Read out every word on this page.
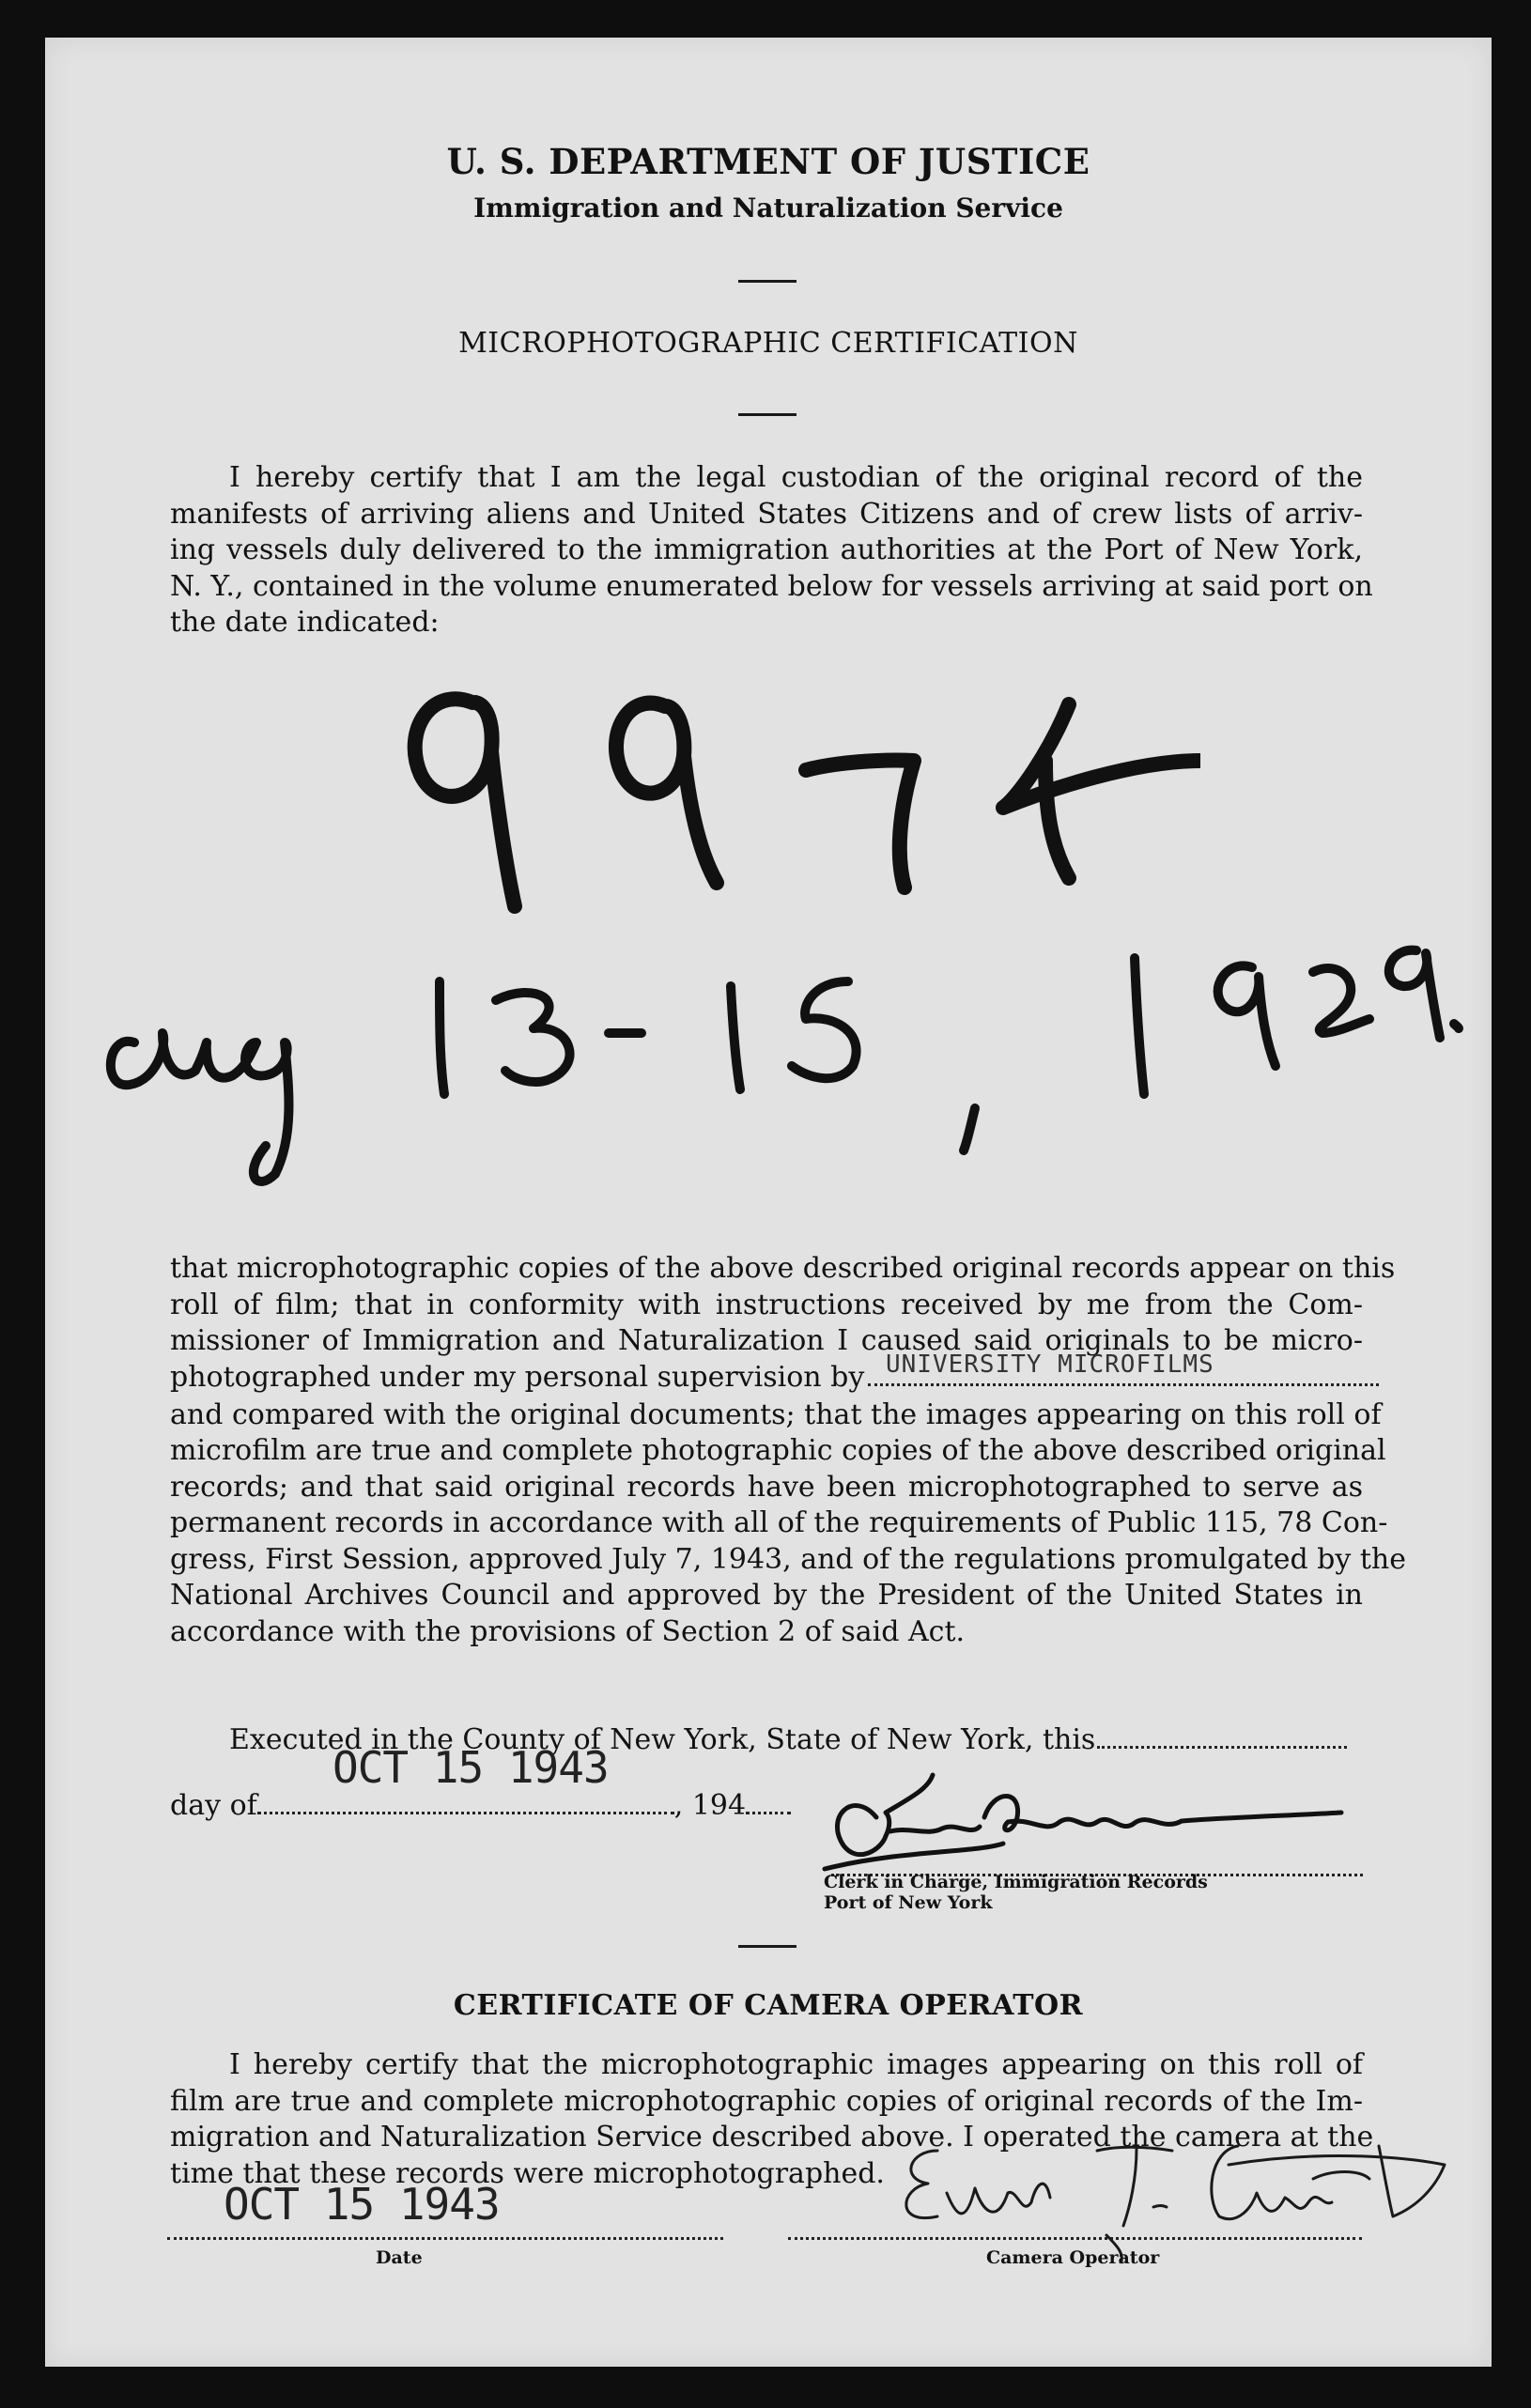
U. S. DEPARTMENT OF JUSTICE
Immigration and Naturalization Service
MICROPHOTOGRAPHIC CERTIFICATION
I hereby certify that I am the legal custodian of the original record of the
manifests of arriving aliens and United States Citizens and of crew lists of arriv-
ing vessels duly delivered to the immigration authorities at the Port of New York,
N. Y., contained in the volume enumerated below for vessels arriving at said port on
the date indicated:
that microphotographic copies of the above described original records appear on this
roll of film; that in conformity with instructions received by me from the Com-
missioner of Immigration and Naturalization I caused said originals to be micro-
photographed under my personal supervision by UNIVERSITY MICROFILMS
and compared with the original documents; that the images appearing on this roll of
microfilm are true and complete photographic copies of the above described original
records; and that said original records have been microphotographed to serve as
permanent records in accordance with all of the requirements of Public 115, 78 Con-
gress, First Session, approved July 7, 1943, and of the regulations promulgated by the
National Archives Council and approved by the President of the United States in
accordance with the provisions of Section 2 of said Act.
Executed in the County of New York, State of New York, this
day of	, 194
OCT 15 1943
Clerk in Charge, Immigration Records
Port of New York
CERTIFICATE OF CAMERA OPERATOR
I hereby certify that the microphotographic images appearing on this roll of
film are true and complete microphotographic copies of original records of the Im-
migration and Naturalization Service described above. I operated the camera at the
time that these records were microphotographed.
OCT 15 1943
Date	Camera Operator
